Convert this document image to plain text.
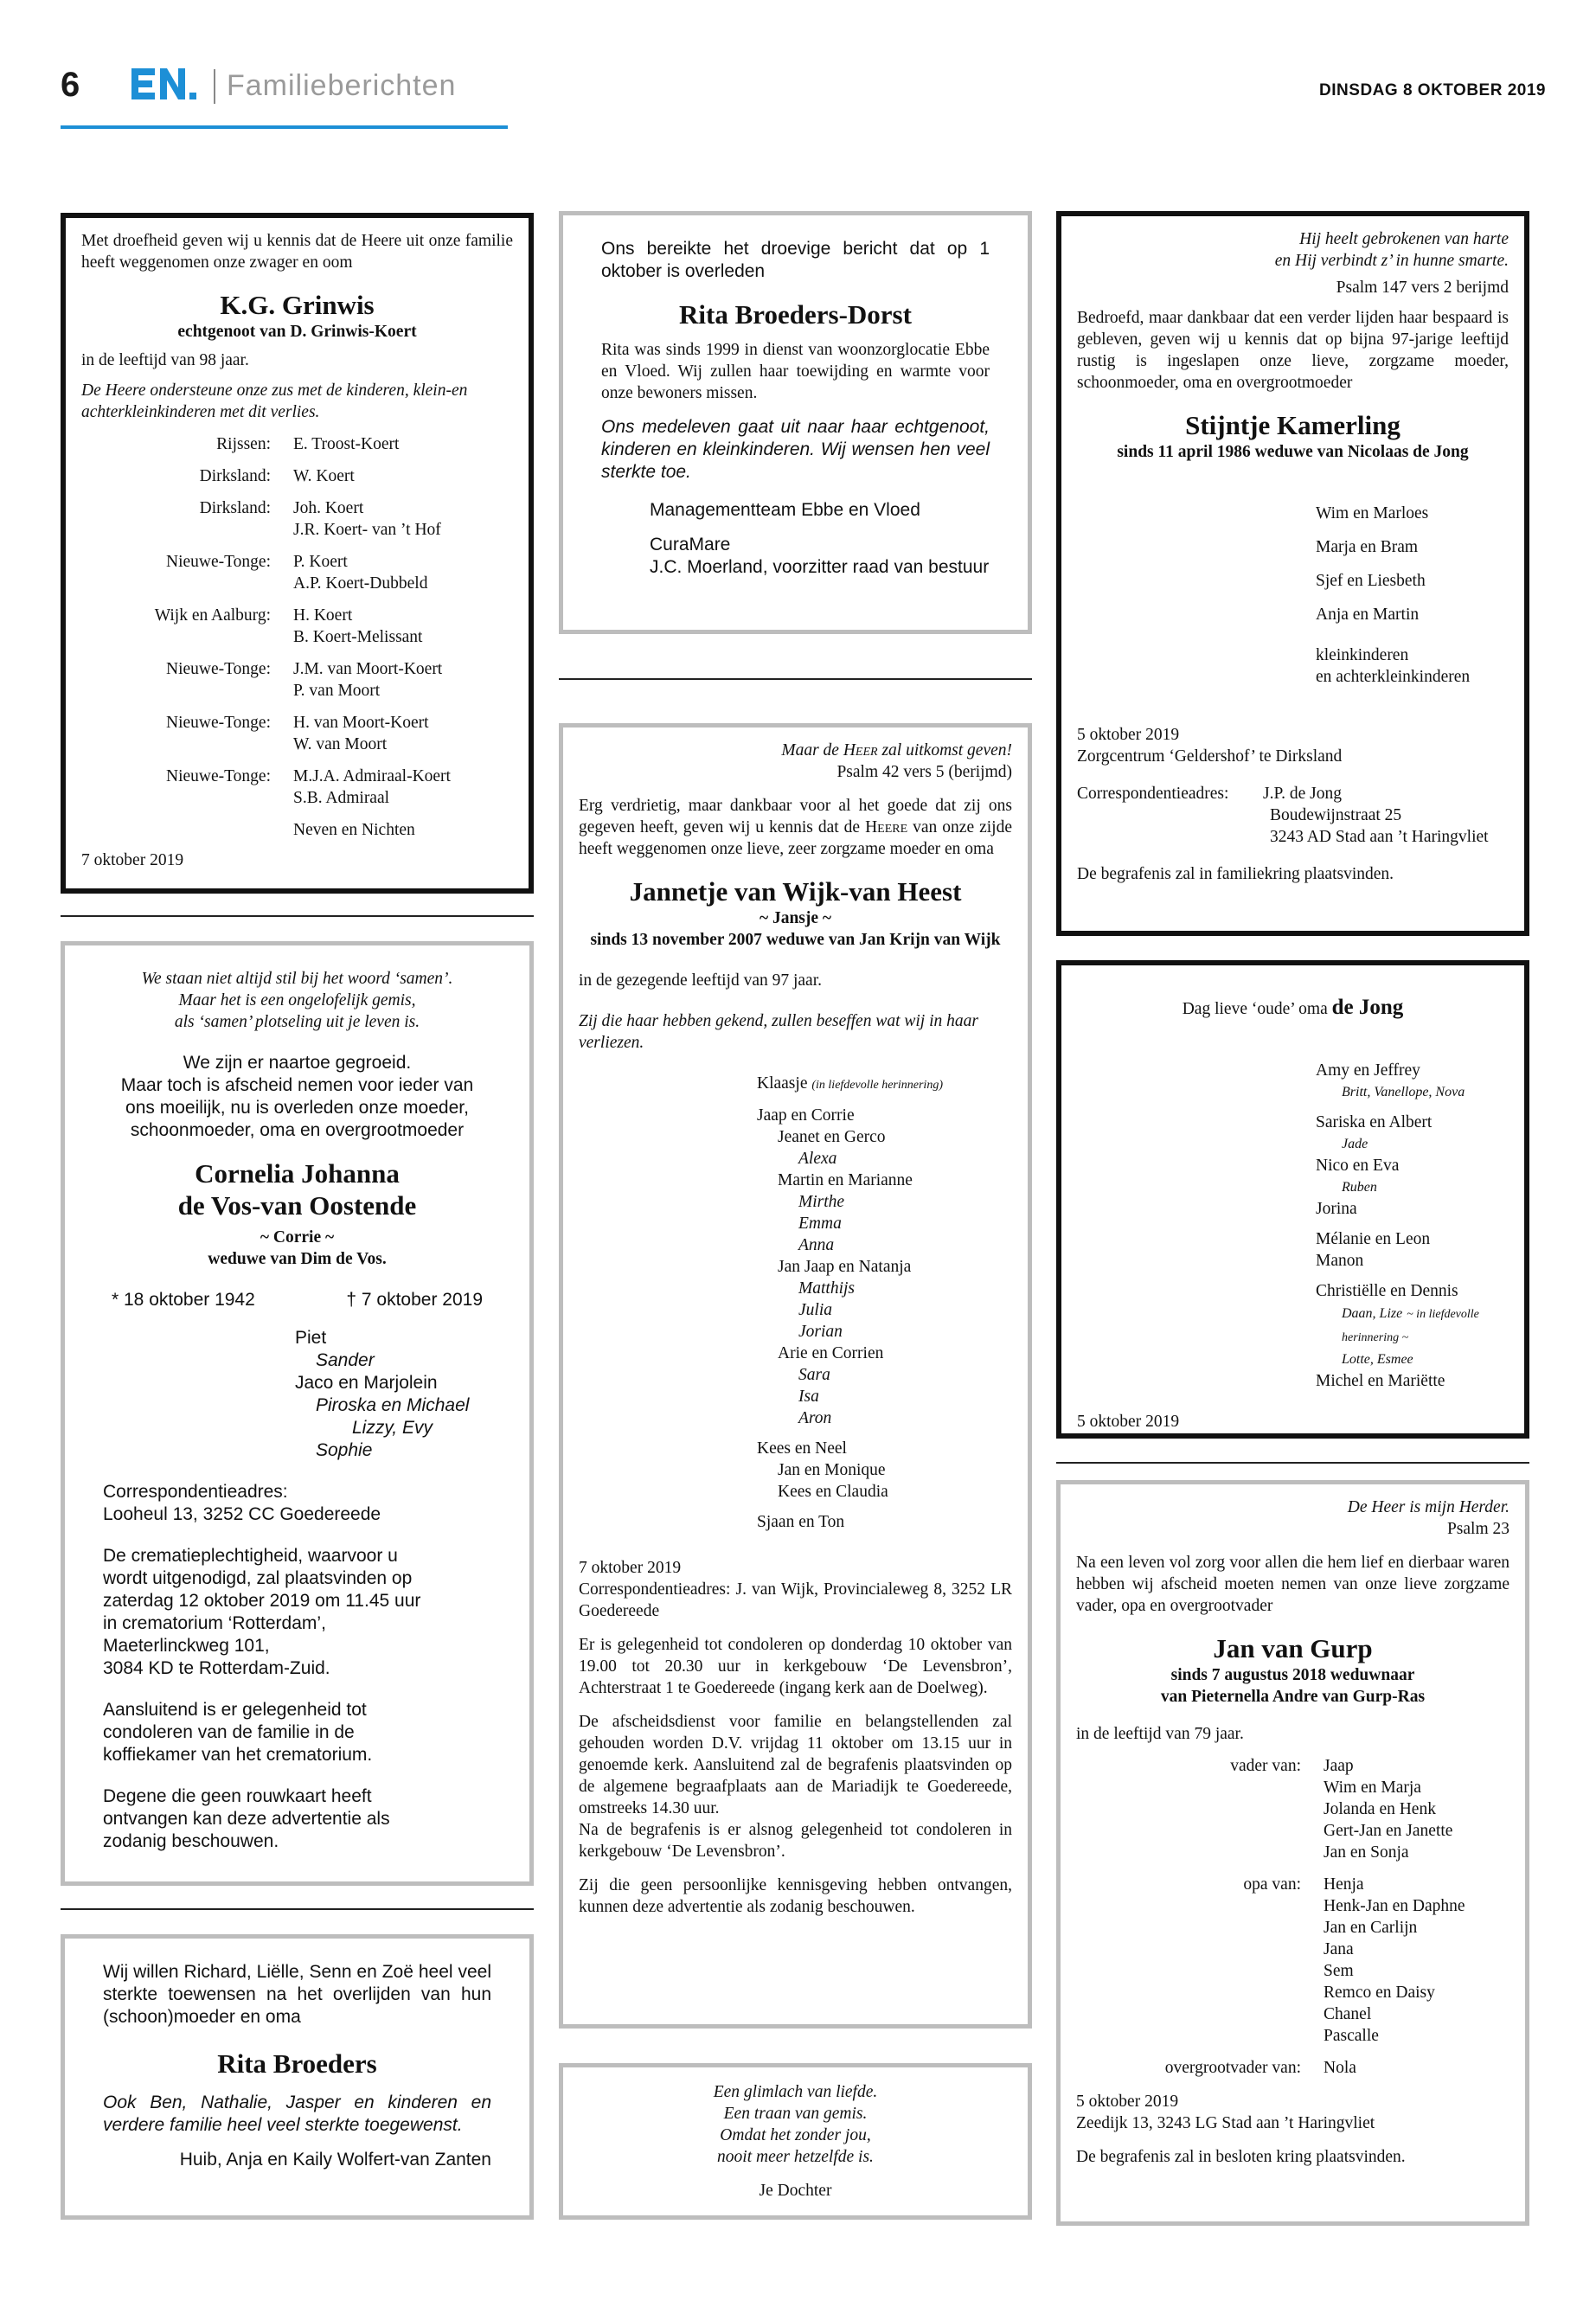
6	Familieberichten	DINSDAG 8 OKTOBER 2019
Met droefheid geven wij u kennis dat de Heere uit onze familie heeft weggenomen onze zwager en oom
K.G. Grinwis
echtgenoot van D. Grinwis-Koert
in de leeftijd van 98 jaar.
De Heere ondersteune onze zus met de kinderen, klein-en achterkleinkinderen met dit verlies.
Rijssen:	E. Troost-Koert
Dirksland:	W. Koert
Dirksland:	Joh. Koert
J.R. Koert- van ’t Hof
Nieuwe-Tonge:	P. Koert
A.P. Koert-Dubbeld
Wijk en Aalburg:	H. Koert
B. Koert-Melissant
Nieuwe-Tonge:	J.M. van Moort-Koert
P. van Moort
Nieuwe-Tonge:	H. van Moort-Koert
W. van Moort
Nieuwe-Tonge:	M.J.A. Admiraal-Koert
S.B. Admiraal
Neven en Nichten
7 oktober 2019
We staan niet altijd stil bij het woord ‘samen’.
Maar het is een ongelofelijk gemis,
als ‘samen’ plotseling uit je leven is.
We zijn er naartoe gegroeid.
Maar toch is afscheid nemen voor ieder van
ons moeilijk, nu is overleden onze moeder,
schoonmoeder, oma en overgrootmoeder
Cornelia Johanna
de Vos-van Oostende
~ Corrie ~
weduwe van Dim de Vos.
* 18 oktober 1942	† 7 oktober 2019
Piet
Sander
Jaco en Marjolein
Piroska en Michael
Lizzy, Evy
Sophie
Correspondentieadres:
Looheul 13, 3252 CC Goedereede
De crematieplechtigheid, waarvoor u
wordt uitgenodigd, zal plaatsvinden op
zaterdag 12 oktober 2019 om 11.45 uur
in crematorium ‘Rotterdam’,
Maeterlinckweg 101,
3084 KD te Rotterdam-Zuid.
Aansluitend is er gelegenheid tot
condoleren van de familie in de
koffiekamer van het crematorium.
Degene die geen rouwkaart heeft
ontvangen kan deze advertentie als
zodanig beschouwen.
Wij willen Richard, Liëlle, Senn en Zoë heel veel sterkte toewensen na het overlijden van hun (schoon)moeder en oma
Rita Broeders
Ook Ben, Nathalie, Jasper en kinderen en verdere familie heel veel sterkte toegewenst.
Huib, Anja en Kaily Wolfert-van Zanten
Ons bereikte het droevige bericht dat op 1 oktober is overleden
Rita Broeders-Dorst
Rita was sinds 1999 in dienst van woonzorglocatie Ebbe en Vloed. Wij zullen haar toewijding en warmte voor onze bewoners missen.
Ons medeleven gaat uit naar haar echtgenoot, kinderen en kleinkinderen. Wij wensen hen veel sterkte toe.
Managementteam Ebbe en Vloed
CuraMare
J.C. Moerland, voorzitter raad van bestuur
Maar de Heer zal uitkomst geven!
Psalm 42 vers 5 (berijmd)
Erg verdrietig, maar dankbaar voor al het goede dat zij ons gegeven heeft, geven wij u kennis dat de Heere van onze zijde heeft weggenomen onze lieve, zeer zorgzame moeder en oma
Jannetje van Wijk-van Heest
~ Jansje ~
sinds 13 november 2007 weduwe van Jan Krijn van Wijk
in de gezegende leeftijd van 97 jaar.
Zij die haar hebben gekend, zullen beseffen wat wij in haar verliezen.
Klaasje (in liefdevolle herinnering)
Jaap en Corrie
Jeanet en Gerco
Alexa
Martin en Marianne
Mirthe
Emma
Anna
Jan Jaap en Natanja
Matthijs
Julia
Jorian
Arie en Corrien
Sara
Isa
Aron
Kees en Neel
Jan en Monique
Kees en Claudia
Sjaan en Ton
7 oktober 2019
Correspondentieadres: J. van Wijk, Provincialeweg 8, 3252 LR Goedereede
Er is gelegenheid tot condoleren op donderdag 10 oktober van 19.00 tot 20.30 uur in kerkgebouw ‘De Levensbron’, Achterstraat 1 te Goedereede (ingang kerk aan de Doelweg).
De afscheidsdienst voor familie en belangstellenden zal gehouden worden D.V. vrijdag 11 oktober om 13.15 uur in genoemde kerk. Aansluitend zal de begrafenis plaatsvinden op de algemene begraafplaats aan de Mariadijk te Goedereede, omstreeks 14.30 uur.
Na de begrafenis is er alsnog gelegenheid tot condoleren in kerkgebouw ‘De Levensbron’.
Zij die geen persoonlijke kennisgeving hebben ontvangen, kunnen deze advertentie als zodanig beschouwen.
Een glimlach van liefde.
Een traan van gemis.
Omdat het zonder jou,
nooit meer hetzelfde is.
Je Dochter
Hij heelt gebrokenen van harte
en Hij verbindt z’ in hunne smarte.
Psalm 147 vers 2 berijmd
Bedroefd, maar dankbaar dat een verder lijden haar bespaard is gebleven, geven wij u kennis dat op bijna 97-jarige leeftijd rustig is ingeslapen onze lieve, zorgzame moeder, schoonmoeder, oma en overgrootmoeder
Stijntje Kamerling
sinds 11 april 1986 weduwe van Nicolaas de Jong
Wim en Marloes
Marja en Bram
Sjef en Liesbeth
Anja en Martin
kleinkinderen
en achterkleinkinderen
5 oktober 2019
Zorgcentrum ‘Geldershof’ te Dirksland
Correspondentieadres:	J.P. de Jong
Boudewijnstraat 25
3243 AD Stad aan ’t Haringvliet
De begrafenis zal in familiekring plaatsvinden.
Dag lieve ‘oude’ oma de Jong
Amy en Jeffrey
Britt, Vanellope, Nova
Sariska en Albert
Jade
Nico en Eva
Ruben
Jorina
Mélanie en Leon
Manon
Christiëlle en Dennis
Daan, Lize ~ in liefdevolle herinnering ~
Lotte, Esmee
Michel en Mariëtte
5 oktober 2019
De Heer is mijn Herder.
Psalm 23
Na een leven vol zorg voor allen die hem lief en dierbaar waren hebben wij afscheid moeten nemen van onze lieve zorgzame vader, opa en overgrootvader
Jan van Gurp
sinds 7 augustus 2018 weduwnaar
van Pieternella Andre van Gurp-Ras
in de leeftijd van 79 jaar.
vader van:	Jaap
Wim en Marja
Jolanda en Henk
Gert-Jan en Janette
Jan en Sonja
opa van:	Henja
Henk-Jan en Daphne
Jan en Carlijn
Jana
Sem
Remco en Daisy
Chanel
Pascalle
overgrootvader van:	Nola
5 oktober 2019
Zeedijk 13, 3243 LG Stad aan ’t Haringvliet
De begrafenis zal in besloten kring plaatsvinden.
